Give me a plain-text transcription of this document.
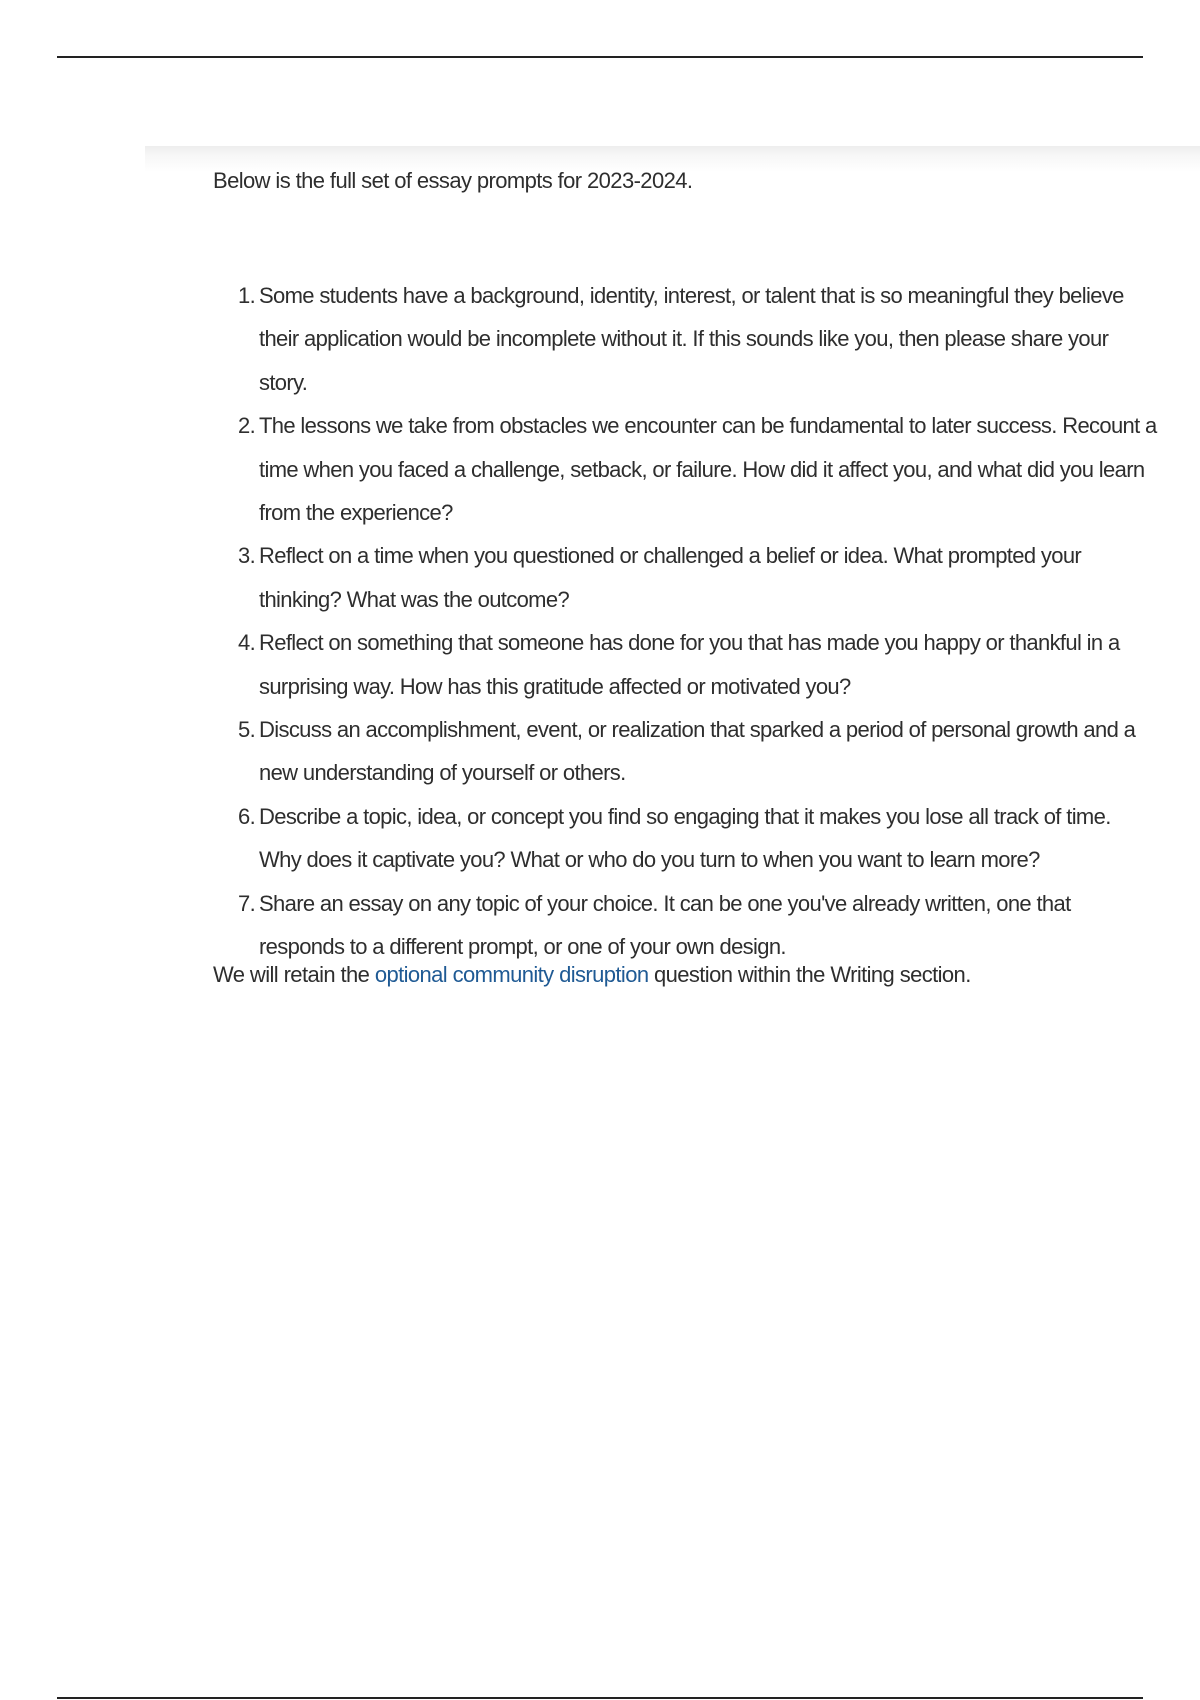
Below is the full set of essay prompts for 2023-2024.

1 . Some students have a background, identity, interest, or talent that is so meaningful they believe their application would be incomplete without it. If this sounds like you, then please share your story.
2 . The lessons we take from obstacles we encounter can be fundamental to later success. Recount a time when you faced a challenge, setback, or failure. How did it affect you, and what did you learn from the experience?
3 . Reflect on a time when you questioned or challenged a belief or idea. What prompted your thinking? What was the outcome?
4 . Reflect on something that someone has done for you that has made you happy or thankful in a surprising way. How has this gratitude affected or motivated you?
5 . Discuss an accomplishment, event, or realization that sparked a period of personal growth and a new understanding of yourself or others.
6 . Describe a topic, idea, or concept you find so engaging that it makes you lose all track of time. Why does it captivate you? What or who do you turn to when you want to learn more?
7 . Share an essay on any topic of your choice. It can be one you've already written, one that responds to a different prompt, or one of your own design.

We will retain the optional community disruption question within the Writing section.
